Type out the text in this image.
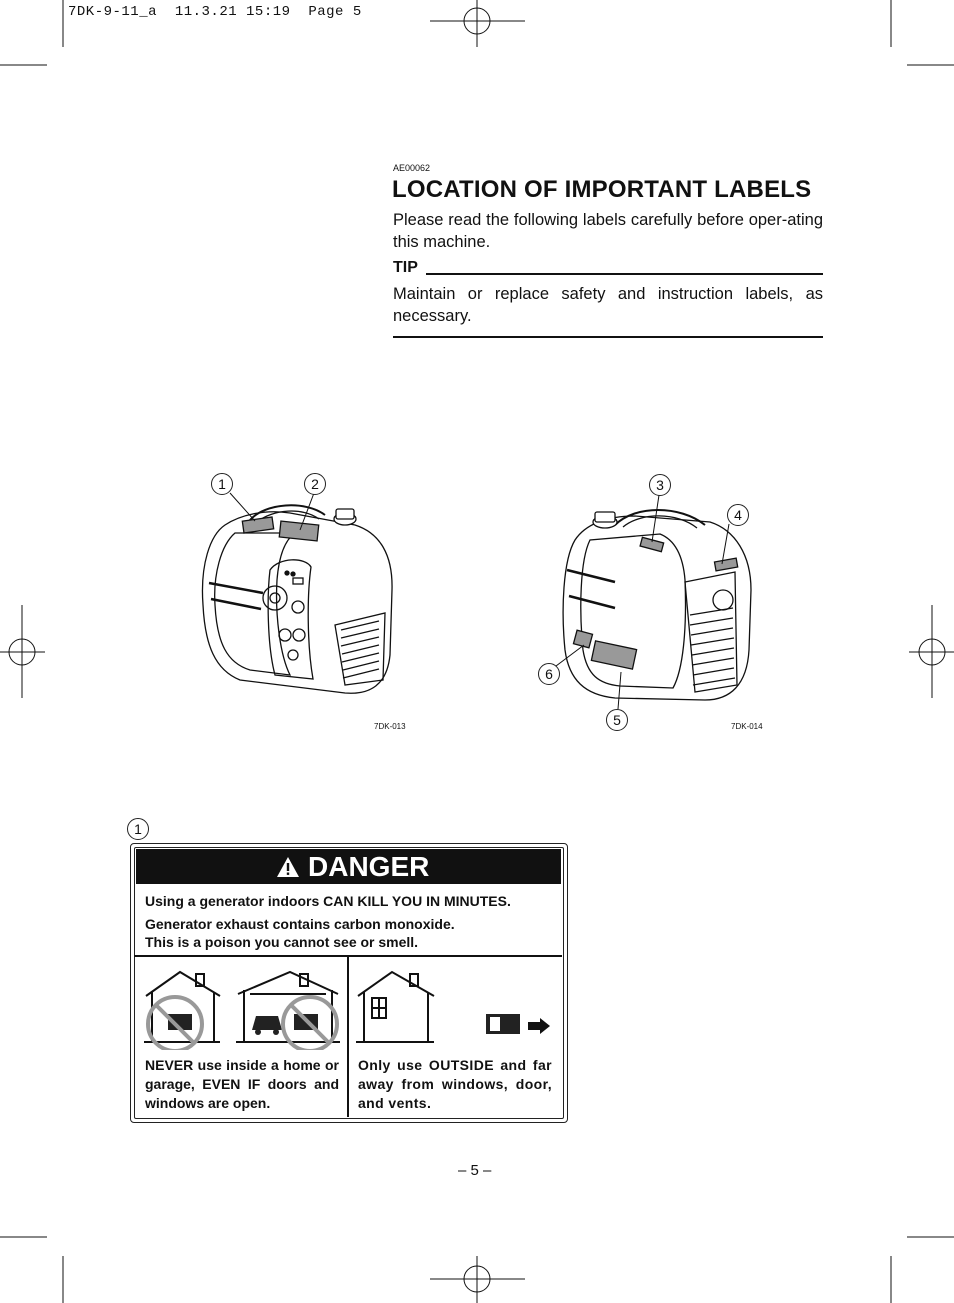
7DK-9-11_a  11.3.21 15:19  Page 5
AE00062
LOCATION OF IMPORTANT LABELS
Please read the following labels carefully before oper-ating this machine.
TIP
Maintain or replace safety and instruction labels, as necessary.
1	2	3
4
6
5
7DK-013	7DK-014
1
DANGER
Using a generator indoors CAN KILL YOU IN MINUTES.
Generator exhaust contains carbon monoxide.
This is a poison you cannot see or smell.
NEVER use inside a home or garage, EVEN IF doors and windows are open.
Only use OUTSIDE and far away from windows, door, and vents.
– 5 –
